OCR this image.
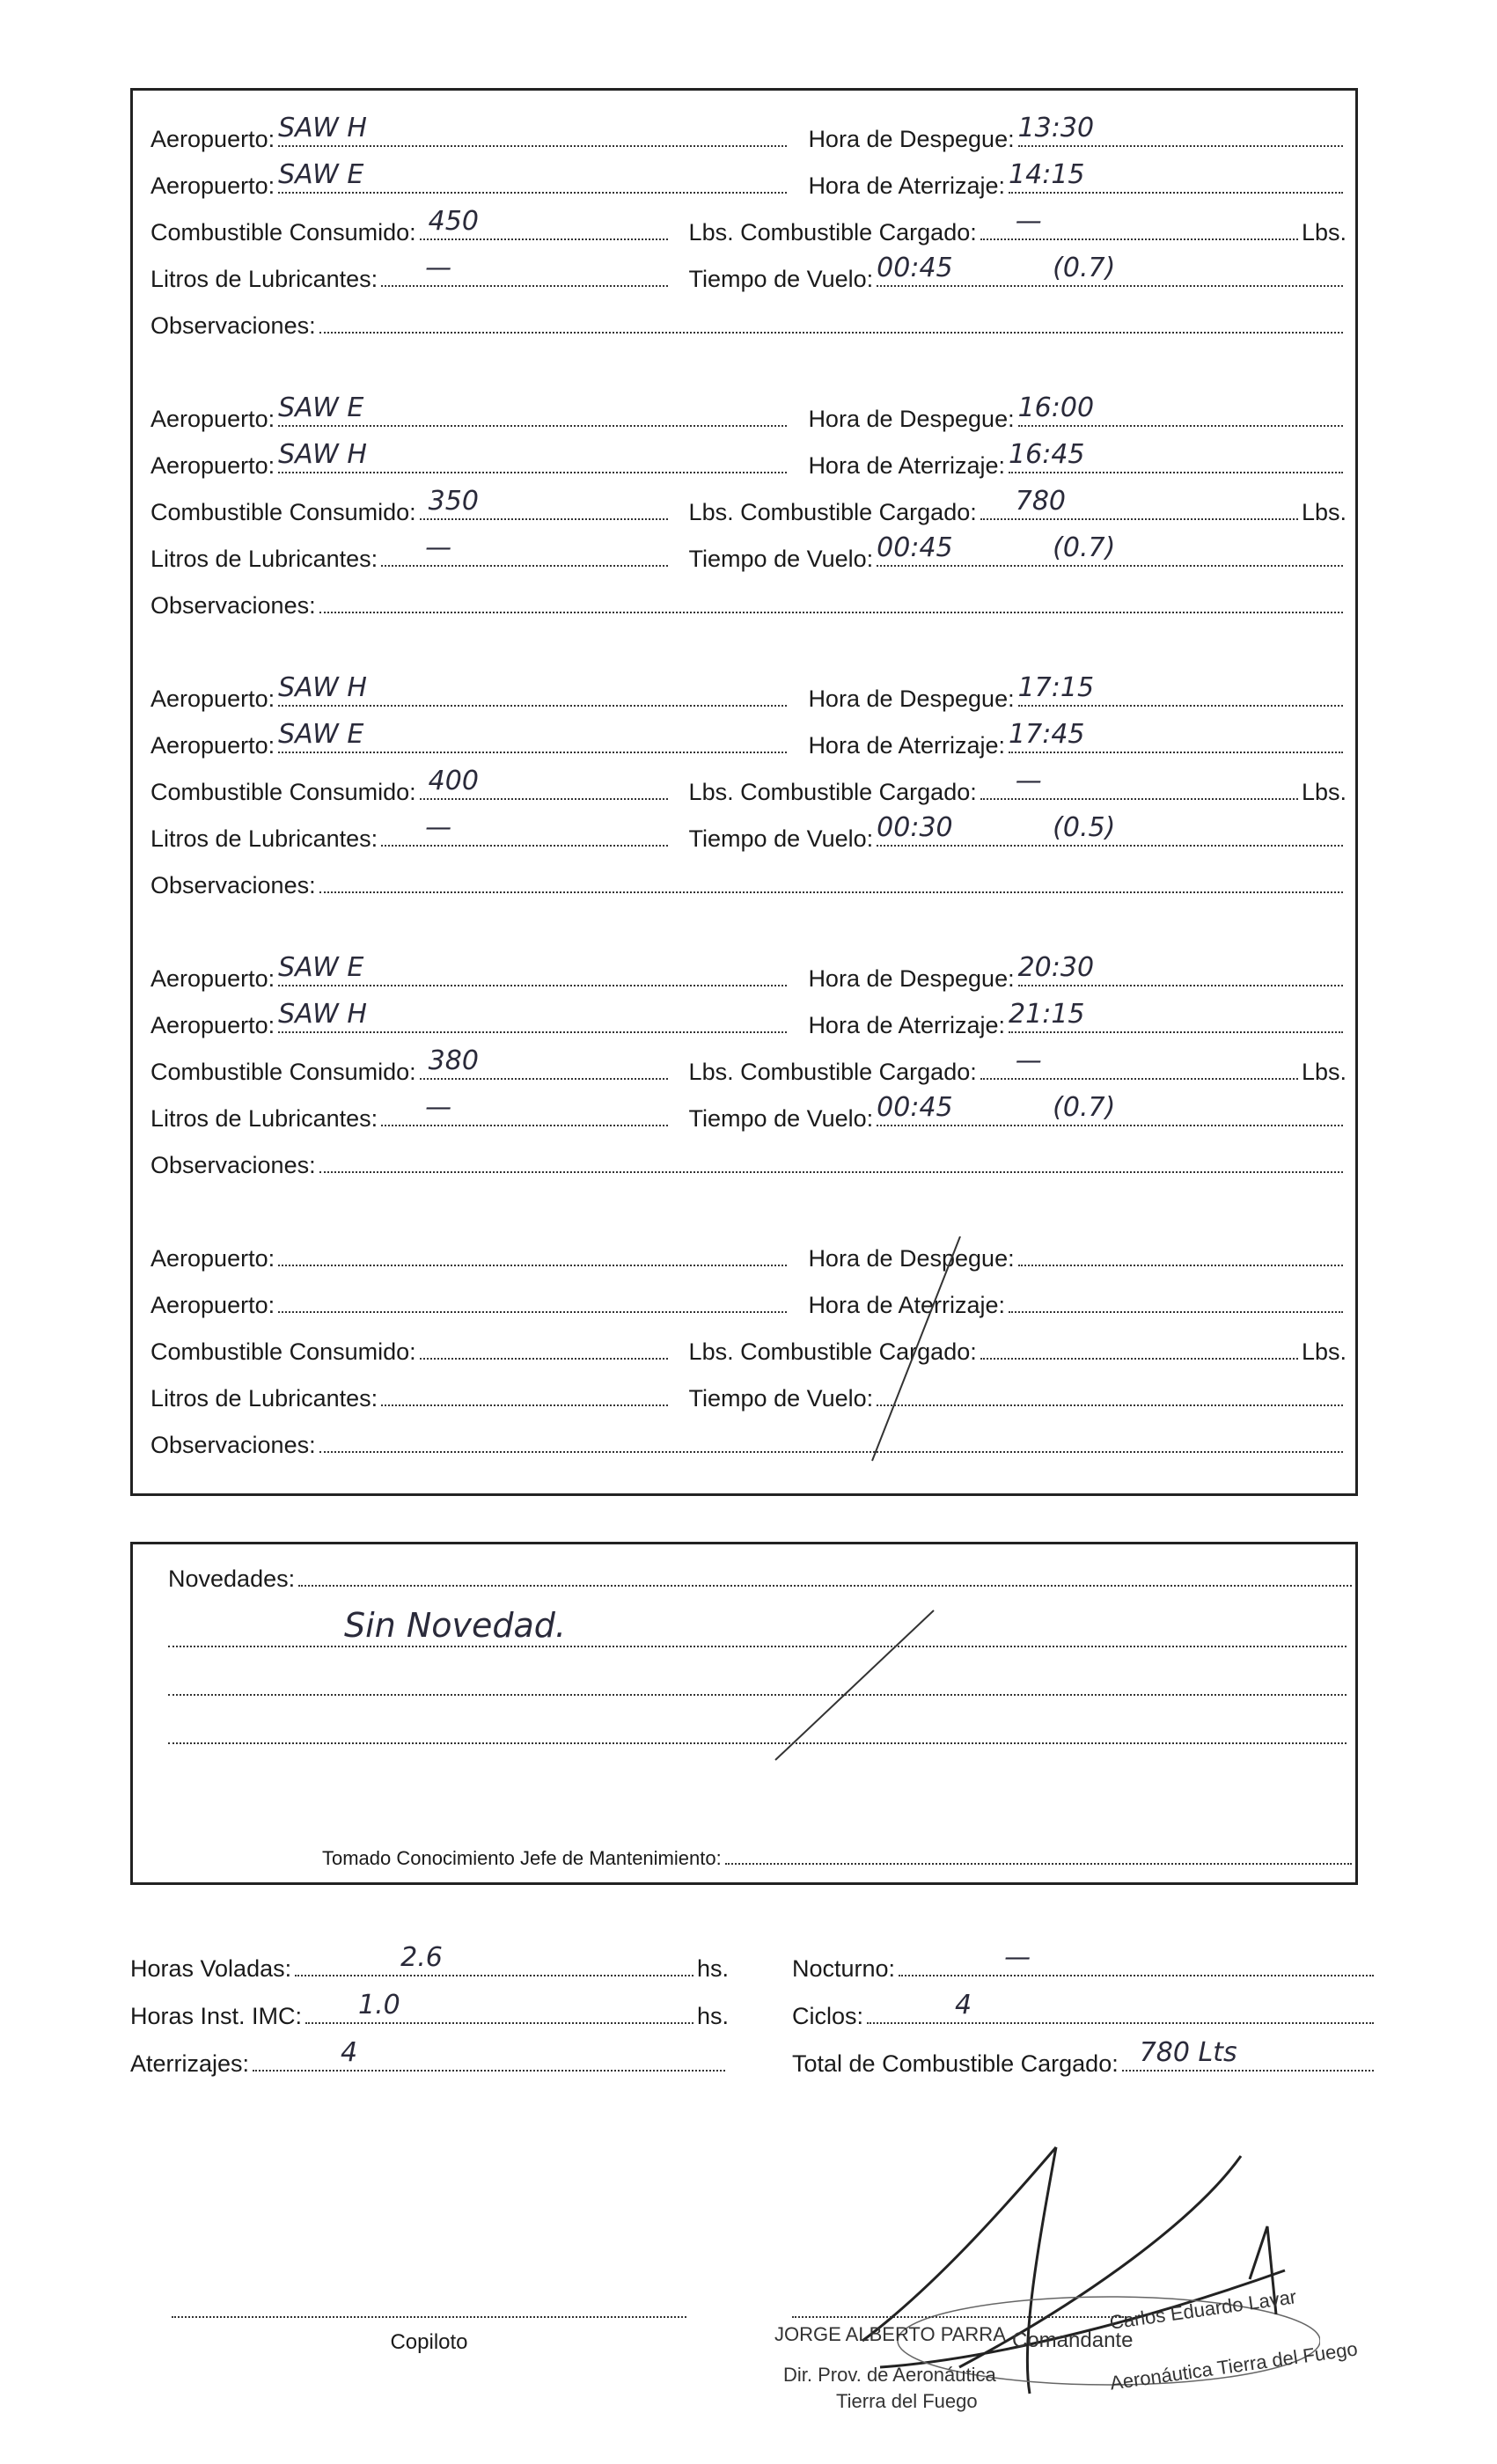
Aeropuerto: SAW H	Hora de Despegue: 13:30
Aeropuerto: SAW E	Hora de Aterrizaje: 14:15
Combustible Consumido: 450	Lbs. Combustible Cargado: —	Lbs.
Litros de Lubricantes: —	Tiempo de Vuelo: 00:45	(0.7)
Observaciones:
Aeropuerto: SAW E	Hora de Despegue: 16:00
Aeropuerto: SAW H	Hora de Aterrizaje: 16:45
Combustible Consumido: 350	Lbs. Combustible Cargado: 780	Lbs.
Litros de Lubricantes: —	Tiempo de Vuelo: 00:45	(0.7)
Observaciones:
Aeropuerto: SAW H	Hora de Despegue: 17:15
Aeropuerto: SAW E	Hora de Aterrizaje: 17:45
Combustible Consumido: 400	Lbs. Combustible Cargado: —	Lbs.
Litros de Lubricantes: —	Tiempo de Vuelo: 00:30	(0.5)
Observaciones:
Aeropuerto: SAW E	Hora de Despegue: 20:30
Aeropuerto: SAW H	Hora de Aterrizaje: 21:15
Combustible Consumido: 380	Lbs. Combustible Cargado: —	Lbs.
Litros de Lubricantes: —	Tiempo de Vuelo: 00:45	(0.7)
Observaciones:
Aeropuerto:	Hora de Despegue:
Aeropuerto:	Hora de Aterrizaje:
Combustible Consumido:	Lbs. Combustible Cargado:	Lbs.
Litros de Lubricantes:	Tiempo de Vuelo:
Observaciones:
Novedades:
Sin Novedad.
Tomado Conocimiento Jefe de Mantenimiento:
Horas Voladas:	2.6	hs.
Horas Inst. IMC: 1.0	hs.
Aterrizajes:	4
Nocturno:	—
Ciclos:	4
Total de Combustible Cargado: 780 Lts
Copiloto	JORGE ALBERTO PARRA Comandante
Dir. Prov. de Aeronáutica
Tierra del Fuego
Carlos Eduardo Lavar
Aeronáutica Tierra del Fuego
